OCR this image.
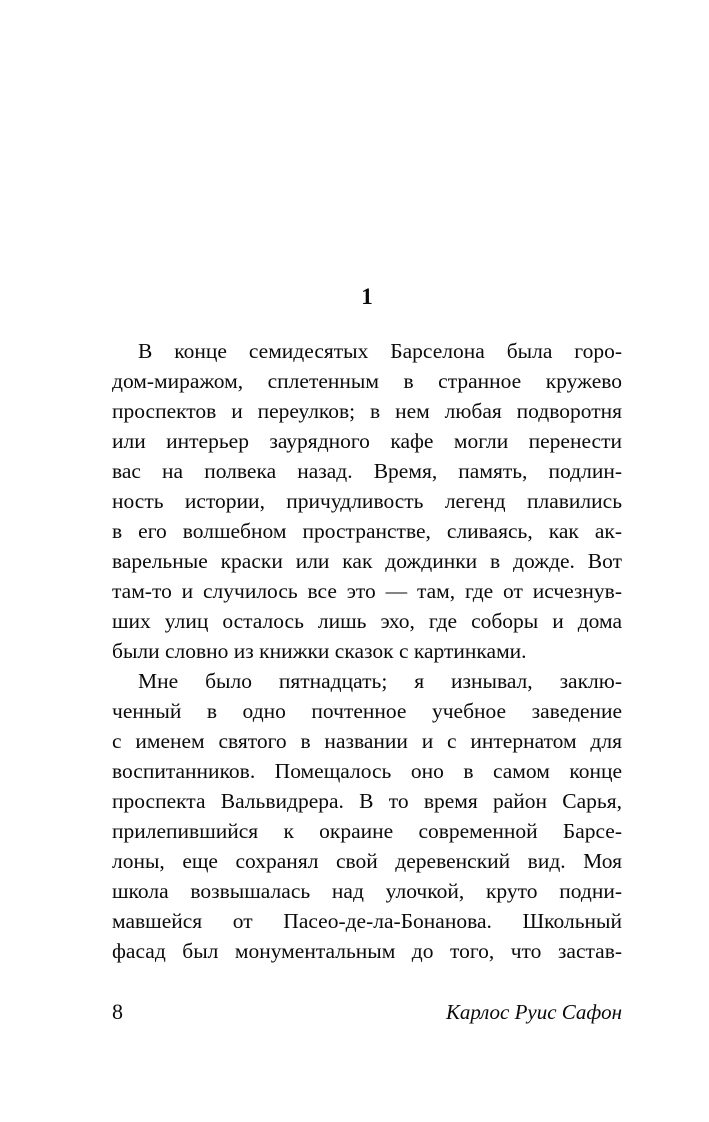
1
В конце семидесятых Барселона была горо-
дом-миражом, сплетенным в странное кружево
проспектов и переулков; в нем любая подворотня
или интерьер заурядного кафе могли перенести
вас на полвека назад. Время, память, подлин-
ность истории, причудливость легенд плавились
в его волшебном пространстве, сливаясь, как ак-
варельные краски или как дождинки в дожде. Вот
там-то и случилось все это — там, где от исчезнув-
ших улиц осталось лишь эхо, где соборы и дома
были словно из книжки сказок с картинками.
Мне было пятнадцать; я изнывал, заклю-
ченный в одно почтенное учебное заведение
с именем святого в названии и с интернатом для
воспитанников. Помещалось оно в самом конце
проспекта Вальвидрера. В то время район Сарья,
прилепившийся к окраине современной Барсе-
лоны, еще сохранял свой деревенский вид. Моя
школа возвышалась над улочкой, круто подни-
мавшейся от Пасео-де-ла-Бонанова. Школьный
фасад был монументальным до того, что застав-
8	Карлос Руис Сафон
